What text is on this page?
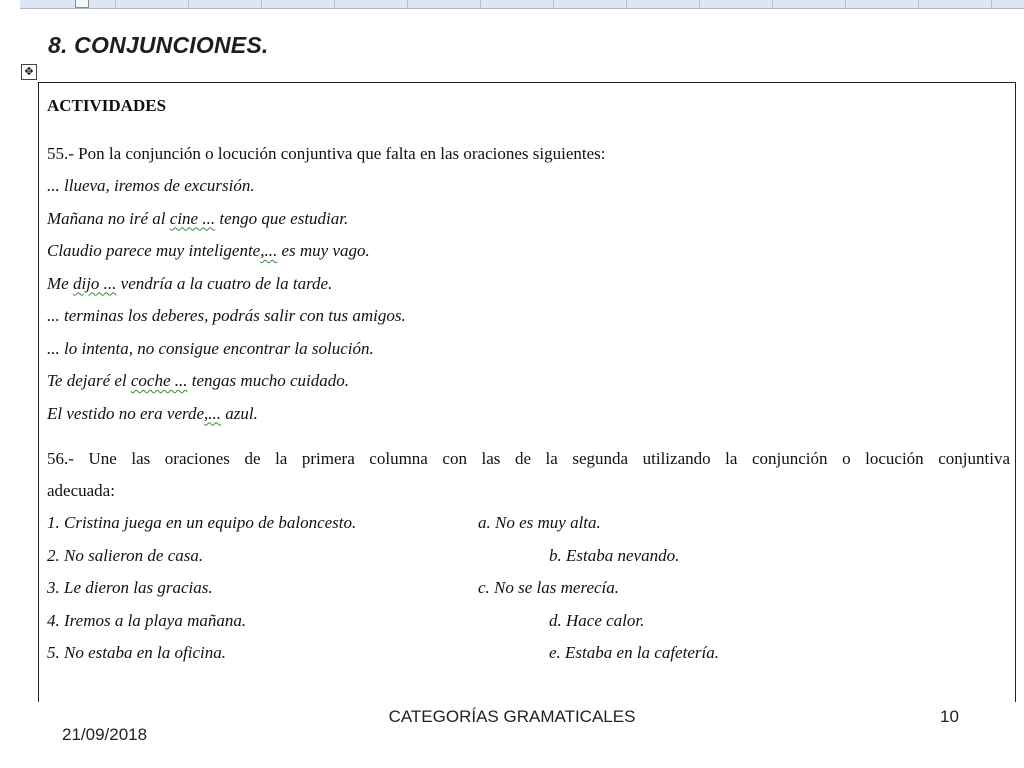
8. CONJUNCIONES.
✥
ACTIVIDADES
55.- Pon la conjunción o locución conjuntiva que falta en las oraciones siguientes:
... llueva, iremos de excursión.
Mañana no iré al cine ... tengo que estudiar.
Claudio parece muy inteligente,... es muy vago.
Me dijo ... vendría a la cuatro de la tarde.
... terminas los deberes, podrás salir con tus amigos.
... lo intenta, no consigue encontrar la solución.
Te dejaré el coche ... tengas mucho cuidado.
El vestido no era verde,... azul.
56.- Une las oraciones de la primera columna con las de la segunda utilizando la conjunción o locución conjuntiva
adecuada:
1. Cristina juega en un equipo de baloncesto.
2. No salieron de casa.
3. Le dieron las gracias.
4. Iremos a la playa mañana.
5. No estaba en la oficina.
a. No es muy alta.
b. Estaba nevando.
c. No se las merecía.
d. Hace calor.
e. Estaba en la cafetería.
CATEGORÍAS GRAMATICALES
21/09/2018
10
